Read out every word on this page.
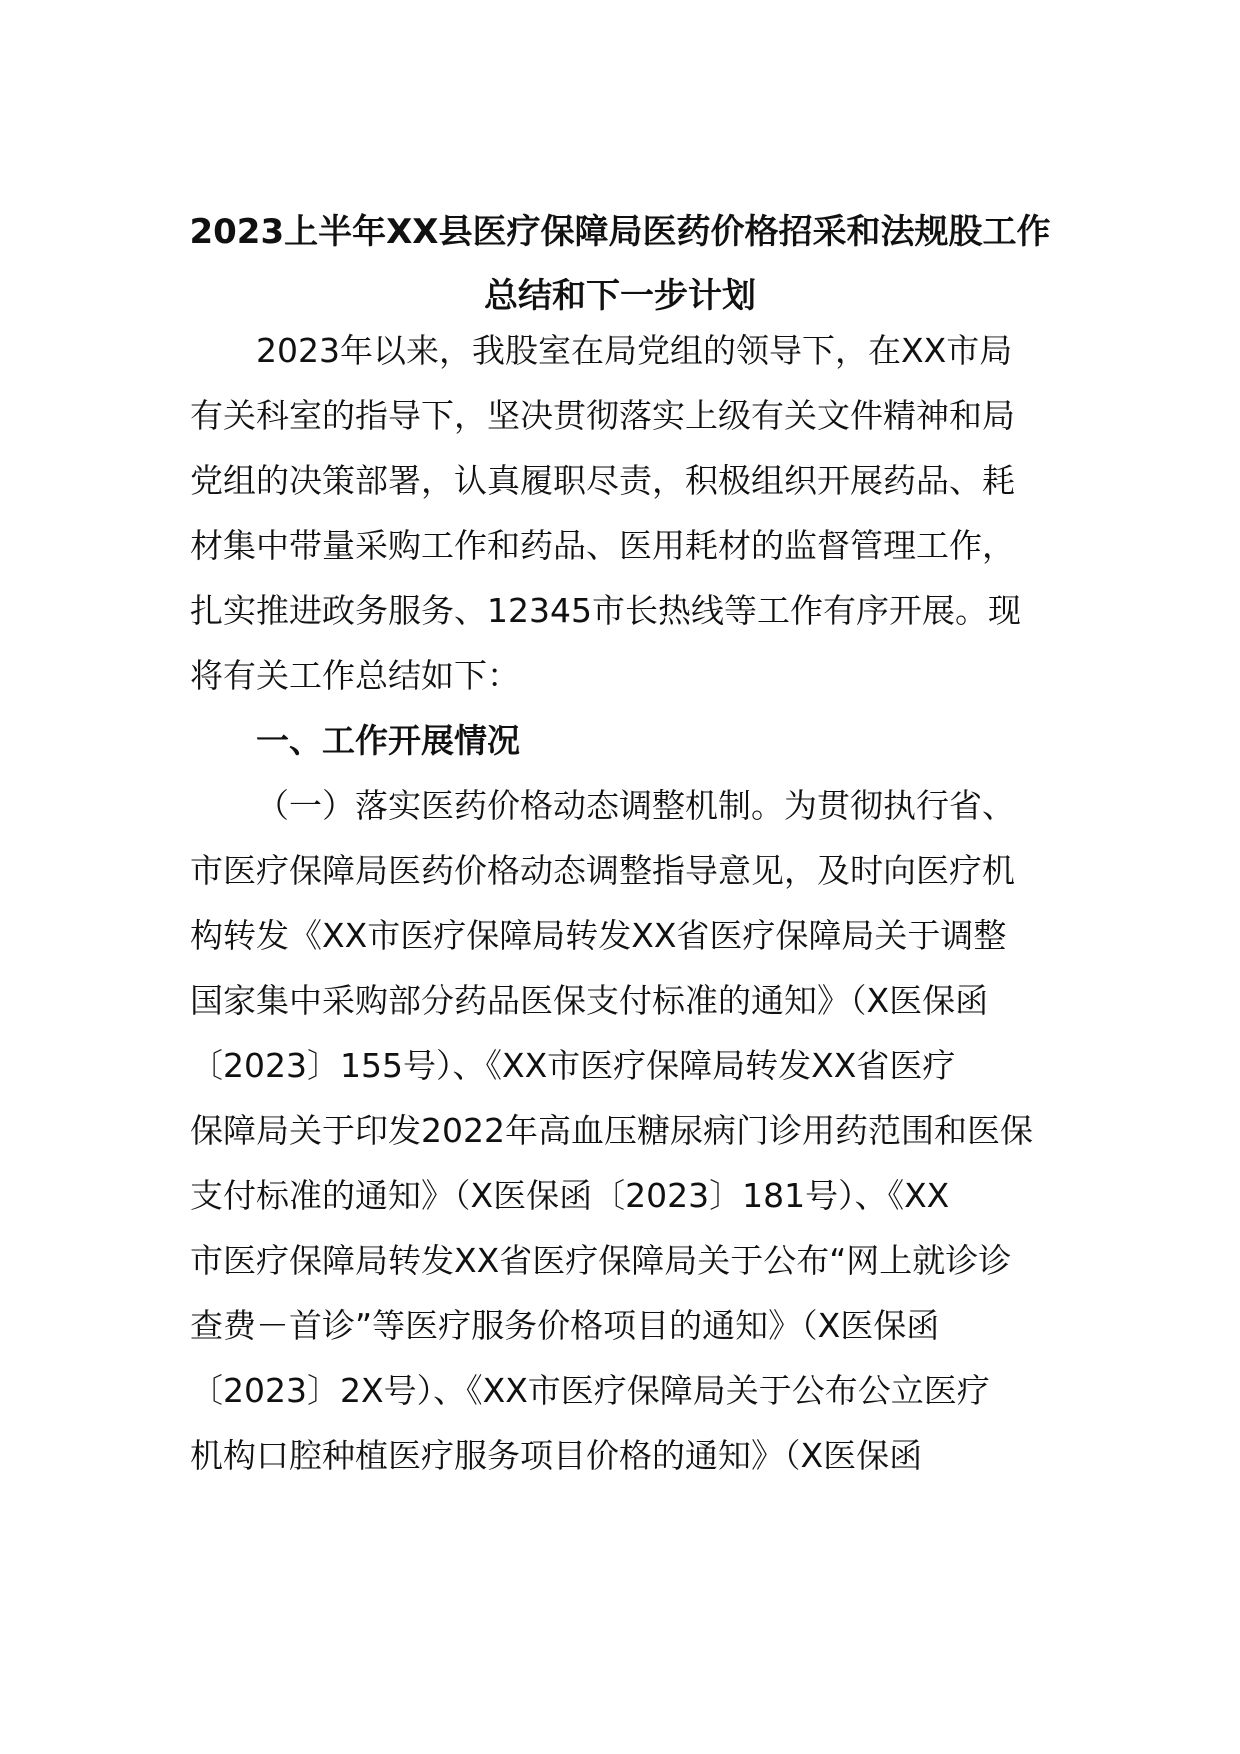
2023上半年XX县医疗保障局医药价格招采和法规股工作
总结和下一步计划
2023年以来，我股室在局党组的领导下，在XX市局
有关科室的指导下，坚决贯彻落实上级有关文件精神和局
党组的决策部署，认真履职尽责，积极组织开展药品、耗
材集中带量采购工作和药品、医用耗材的监督管理工作，
扎实推进政务服务、12345市长热线等工作有序开展。现
将有关工作总结如下：
一、工作开展情况
（一）落实医药价格动态调整机制。为贯彻执行省、
市医疗保障局医药价格动态调整指导意见，及时向医疗机
构转发《XX市医疗保障局转发XX省医疗保障局关于调整
国家集中采购部分药品医保支付标准的通知》（X医保函
〔2023〕155号）、《XX市医疗保障局转发XX省医疗
保障局关于印发2022年高血压糖尿病门诊用药范围和医保
支付标准的通知》（X医保函〔2023〕181号）、《XX
市医疗保障局转发XX省医疗保障局关于公布“网上就诊诊
查费－首诊”等医疗服务价格项目的通知》（X医保函
〔2023〕2X号）、《XX市医疗保障局关于公布公立医疗
机构口腔种植医疗服务项目价格的通知》（X医保函
